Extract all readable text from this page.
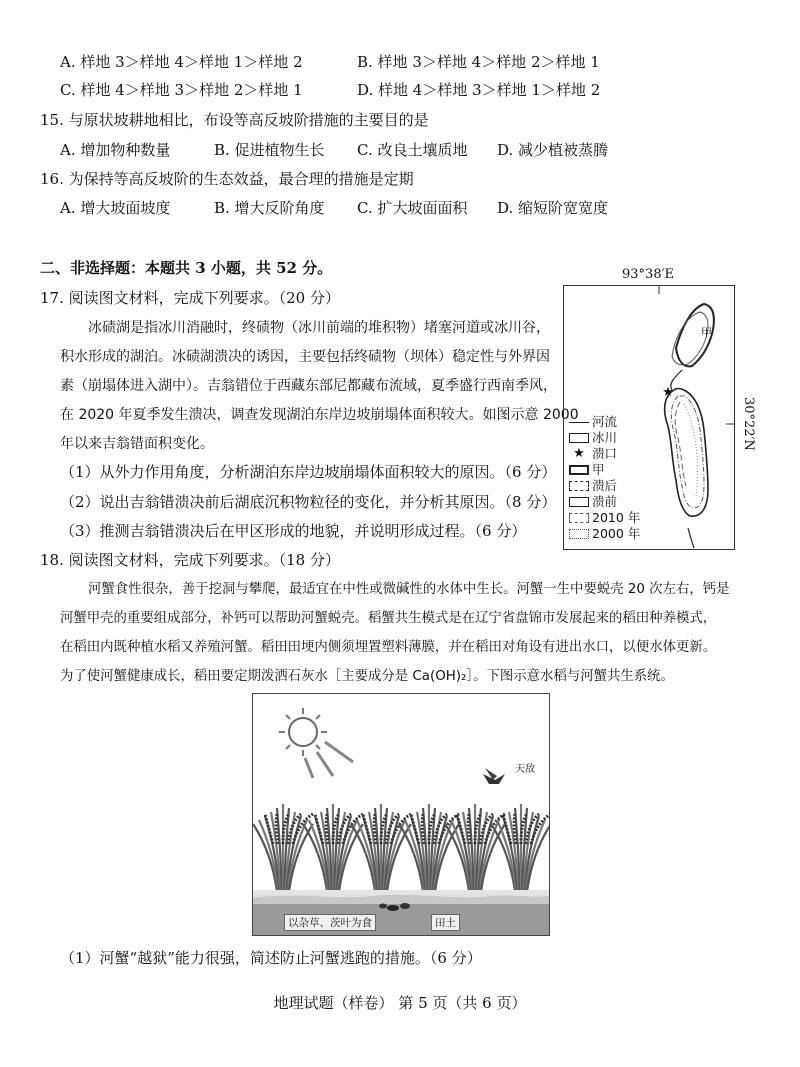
A. 样地 3＞样地 4＞样地 1＞样地 2	B. 样地 3＞样地 4＞样地 2＞样地 1
C. 样地 4＞样地 3＞样地 2＞样地 1	D. 样地 4＞样地 3＞样地 1＞样地 2
15. 与原状坡耕地相比，布设等高反坡阶措施的主要目的是
A. 增加物种数量	B. 促进植物生长 C. 改良土壤质地 D. 减少植被蒸腾
16. 为保持等高反坡阶的生态效益，最合理的措施是定期
A. 增大坡面坡度	B. 增大反阶角度 C. 扩大坡面面积 D. 缩短阶宽宽度
二、非选择题：本题共 3 小题，共 52 分。
17. 阅读图文材料，完成下列要求。（20 分）
冰碛湖是指冰川消融时，终碛物（冰川前端的堆积物）堵塞河道或冰川谷，
积水形成的湖泊。冰碛湖溃决的诱因，主要包括终碛物（坝体）稳定性与外界因
素（崩塌体进入湖中）。吉翁错位于西藏东部尼都藏布流域，夏季盛行西南季风，
在 2020 年夏季发生溃决，调查发现湖泊东岸边坡崩塌体面积较大。如图示意 2000
年以来吉翁错面积变化。
（1）从外力作用角度，分析湖泊东岸边坡崩塌体面积较大的原因。（6 分）
（2）说出吉翁错溃决前后湖底沉积物粒径的变化，并分析其原因。（8 分）
（3）推测吉翁错溃决后在甲区形成的地貌，并说明形成过程。（6 分）
93°38′E
30°22′N
★
甲
河流
冰川
★ 溃口
甲
溃后
溃前
2010 年
2000 年
18. 阅读图文材料，完成下列要求。（18 分）
河蟹食性很杂，善于挖洞与攀爬，最适宜在中性或微碱性的水体中生长。河蟹一生中要蜕壳 20 次左右，钙是
河蟹甲壳的重要组成部分，补钙可以帮助河蟹蜕壳。稻蟹共生模式是在辽宁省盘锦市发展起来的稻田种养模式，
在稻田内既种植水稻又养殖河蟹。稻田田埂内侧须埋置塑料薄膜，并在稻田对角设有进出水口，以便水体更新。
为了使河蟹健康成长，稻田要定期泼洒石灰水［主要成分是 Ca(OH)₂］。下图示意水稻与河蟹共生系统。
天敌
以杂草、茨叶为食	田土
（1）河蟹“越狱”能力很强，简述防止河蟹逃跑的措施。（6 分）
地理试题（样卷） 第 5 页（共 6 页）
